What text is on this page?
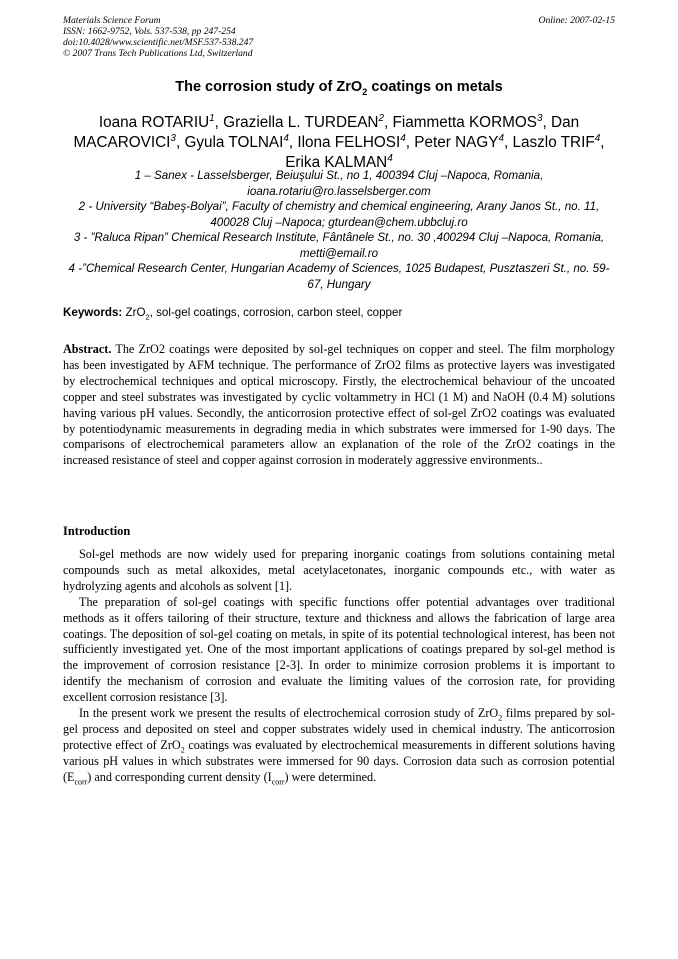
Materials Science Forum
ISSN: 1662-9752, Vols. 537-538, pp 247-254
doi:10.4028/www.scientific.net/MSF.537-538.247
© 2007 Trans Tech Publications Ltd, Switzerland
Online: 2007-02-15
The corrosion study of ZrO$_2$ coatings on metals
Ioana ROTARIU$^1$, Graziella L. TURDEAN$^2$, Fiammetta KORMOS$^3$, Dan MACAROVICI$^3$, Gyula TOLNAI$^4$, Ilona FELHOSI$^4$, Peter NAGY$^4$, Laszlo TRIF$^4$, Erika KALMAN$^4$
1 – Sanex - Lasselsberger, Beiuşului St., no 1, 400394 Cluj –Napoca, Romania, ioana.rotariu@ro.lasselsberger.com
2 - University “Babeş-Bolyai”, Faculty of chemistry and chemical engineering, Arany Janos St., no. 11, 400028 Cluj –Napoca; gturdean@chem.ubbcluj.ro
3 - ”Raluca Ripan” Chemical Research Institute, Fântânele St., no. 30 ,400294 Cluj –Napoca, Romania, metti@email.ro
4 -”Chemical Research Center, Hungarian Academy of Sciences, 1025 Budapest, Pusztaszeri St., no. 59-67, Hungary
Keywords: ZrO$_2$, sol-gel coatings, corrosion, carbon steel, copper
Abstract. The ZrO2 coatings were deposited by sol-gel techniques on copper and steel. The film morphology has been investigated by AFM technique. The performance of ZrO2 films as protective layers was investigated by electrochemical techniques and optical microscopy. Firstly, the electrochemical behaviour of the uncoated copper and steel substrates was investigated by cyclic voltammetry in HCl (1 M) and NaOH (0.4 M) solutions having various pH values. Secondly, the anticorrosion protective effect of sol-gel ZrO2 coatings was evaluated by potentiodynamic measurements in degrading media in which substrates were immersed for 1-90 days. The comparisons of electrochemical parameters allow an explanation of the role of the ZrO2 coatings in the increased resistance of steel and copper against corrosion in moderately aggressive environments..
Introduction

Sol-gel methods are now widely used for preparing inorganic coatings from solutions containing metal compounds such as metal alkoxides, metal acetylacetonates, inorganic compounds etc., with water as hydrolyzing agents and alcohols as solvent [1].

The preparation of sol-gel coatings with specific functions offer potential advantages over traditional methods as it offers tailoring of their structure, texture and thickness and allows the fabrication of large area coatings. The deposition of sol-gel coating on metals, in spite of its potential technological interest, has been not sufficiently investigated yet. One of the most important applications of coatings prepared by sol-gel method is the improvement of corrosion resistance [2-3]. In order to minimize corrosion problems it is important to identify the mechanism of corrosion and evaluate the limiting values of the corrosion rate, for providing excellent corrosion resistance [3].

In the present work we present the results of electrochemical corrosion study of ZrO$_2$ films prepared by sol-gel process and deposited on steel and copper substrates widely used in chemical industry. The anticorrosion protective effect of ZrO$_2$ coatings was evaluated by electrochemical measurements in different solutions having various pH values in which substrates were immersed for 90 days. Corrosion data such as corrosion potential $(E_{corr})$ and corresponding current density $(I_{corr})$ were determined.
